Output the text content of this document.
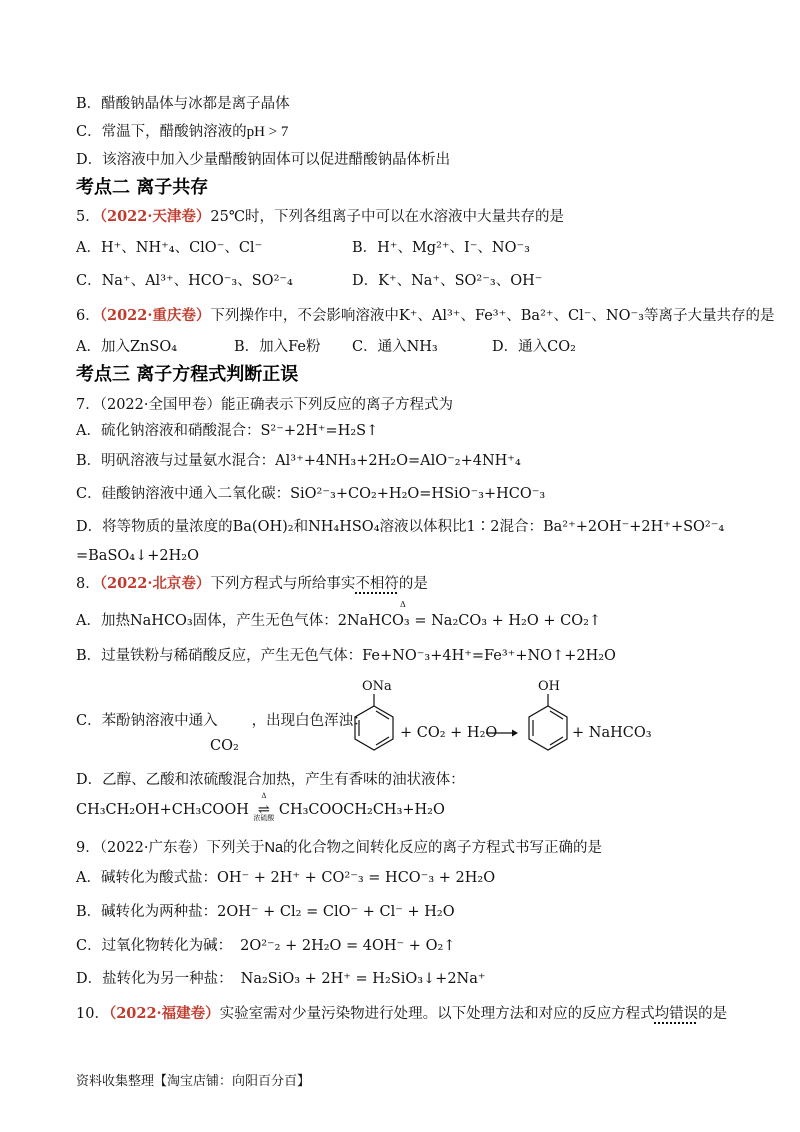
B．醋酸钠晶体与冰都是离子晶体
C．常温下，醋酸钠溶液的pH > 7
D．该溶液中加入少量醋酸钠固体可以促进醋酸钠晶体析出
考点二 离子共存
5．（2022·天津卷）25℃时，下列各组离子中可以在水溶液中大量共存的是
A．H⁺、NH⁺₄、ClO⁻、Cl⁻	B．H⁺、Mg²⁺、I⁻、NO⁻₃
C．Na⁺、Al³⁺、HCO⁻₃、SO²⁻₄	D．K⁺、Na⁺、SO²⁻₃、OH⁻
6．（2022·重庆卷）下列操作中，不会影响溶液中K⁺、Al³⁺、Fe³⁺、Ba²⁺、Cl⁻、NO⁻₃等离子大量共存的是
A．加入ZnSO₄	B．加入Fe粉 C．通入NH₃	D．通入CO₂
考点三 离子方程式判断正误
7．（2022·全国甲卷）能正确表示下列反应的离子方程式为
A．硫化钠溶液和硝酸混合：S²⁻+2H⁺=H₂S↑
B．明矾溶液与过量氨水混合：Al³⁺+4NH₃+2H₂O=AlO⁻₂+4NH⁺₄
C．硅酸钠溶液中通入二氧化碳：SiO²⁻₃+CO₂+H₂O=HSiO⁻₃+HCO⁻₃
D．将等物质的量浓度的Ba(OH)₂和NH₄HSO₄溶液以体积比1∶2混合：Ba²⁺+2OH⁻+2H⁺+SO²⁻₄
=BaSO₄↓+2H₂O
8．（2022·北京卷）下列方程式与所给事实不相符的是
A．加热NaHCO₃固体，产生无色气体：2NaHCO₃ = Na₂CO₃ + H₂O + CO₂↑
Δ
B．过量铁粉与稀硝酸反应，产生无色气体：Fe+NO⁻₃+4H⁺=Fe³⁺+NO↑+2H₂O
C．苯酚钠溶液中通入 ，出现白色浑浊：
CO₂
ONa
+ CO₂ + H₂O
OH
+ NaHCO₃
D．乙醇、乙酸和浓硫酸混合加热，产生有香味的油状液体：
CH₃CH₂OH+CH₃COOH
Δ
⇌
浓硫酸 CH₃COOCH₂CH₃+H₂O
9．（2022·广东卷）下列关于Na的化合物之间转化反应的离子方程式书写正确的是
A．碱转化为酸式盐：OH⁻ + 2H⁺ + CO²⁻₃ = HCO⁻₃ + 2H₂O
B．碱转化为两种盐：2OH⁻ + Cl₂ = ClO⁻ + Cl⁻ + H₂O
C．过氧化物转化为碱： 2O²⁻₂ + 2H₂O = 4OH⁻ + O₂↑
D．盐转化为另一种盐： Na₂SiO₃ + 2H⁺ = H₂SiO₃↓+2Na⁺
10．（2022·福建卷）实验室需对少量污染物进行处理。以下处理方法和对应的反应方程式均错误的是
资料收集整理【淘宝店铺：向阳百分百】
